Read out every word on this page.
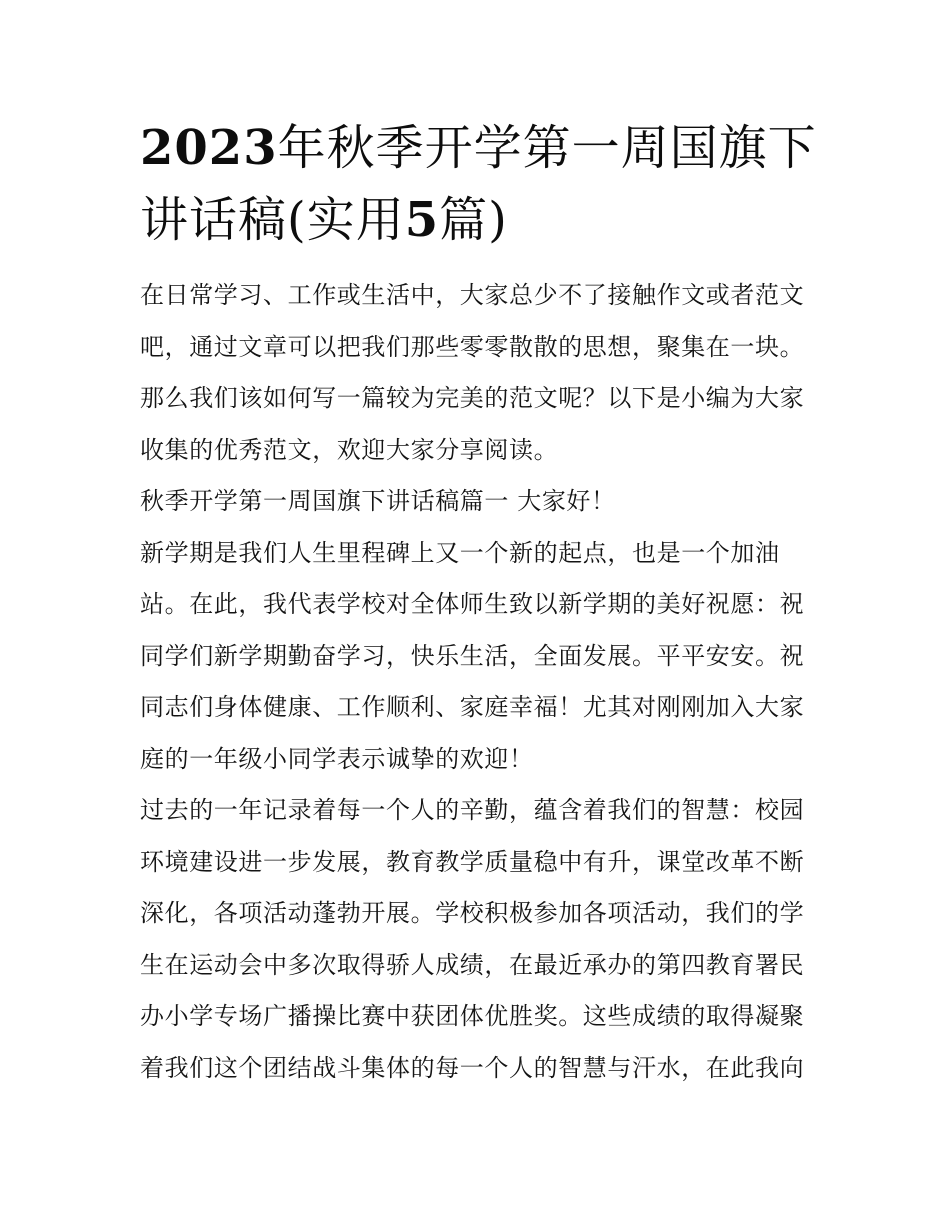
2023年秋季开学第一周国旗下讲话稿(实用5篇)

在日常学习、工作或生活中，大家总少不了接触作文或者范文吧，通过文章可以把我们那些零零散散的思想，聚集在一块。那么我们该如何写一篇较为完美的范文呢？以下是小编为大家收集的优秀范文，欢迎大家分享阅读。

秋季开学第一周国旗下讲话稿篇一 大家好！

新学期是我们人生里程碑上又一个新的起点，也是一个加油站。在此，我代表学校对全体师生致以新学期的美好祝愿：祝同学们新学期勤奋学习，快乐生活，全面发展。平平安安。祝同志们身体健康、工作顺利、家庭幸福！尤其对刚刚加入大家庭的一年级小同学表示诚挚的欢迎！

过去的一年记录着每一个人的辛勤，蕴含着我们的智慧：校园环境建设进一步发展，教育教学质量稳中有升，课堂改革不断深化，各项活动蓬勃开展。学校积极参加各项活动，我们的学生在运动会中多次取得骄人成绩，在最近承办的第四教育署民办小学专场广播操比赛中获团体优胜奖。这些成绩的取得凝聚着我们这个团结战斗集体的每一个人的智慧与汗水，在此我向
